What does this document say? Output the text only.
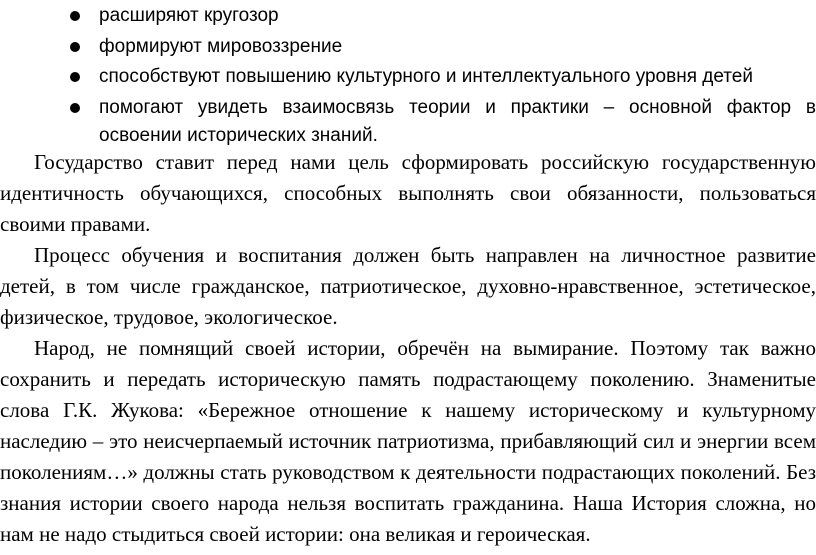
расширяют кругозор
формируют мировоззрение
способствуют повышению культурного и интеллектуального уровня детей
помогают увидеть взаимосвязь теории и практики – основной фактор в освоении исторических знаний.

Государство ставит перед нами цель сформировать российскую государственную идентичность обучающихся, способных выполнять свои обязанности, пользоваться своими правами.

Процесс обучения и воспитания должен быть направлен на личностное развитие детей, в том числе гражданское, патриотическое, духовно-нравственное, эстетическое, физическое, трудовое, экологическое.

Народ, не помнящий своей истории, обречён на вымирание. Поэтому так важно сохранить и передать историческую память подрастающему поколению. Знаменитые слова Г.К. Жукова: «Бережное отношение к нашему историческому и культурному наследию – это неисчерпаемый источник патриотизма, прибавляющий сил и энергии всем поколениям…» должны стать руководством к деятельности подрастающих поколений. Без знания истории своего народа нельзя воспитать гражданина. Наша История сложна, но нам не надо стыдиться своей истории: она великая и героическая.
